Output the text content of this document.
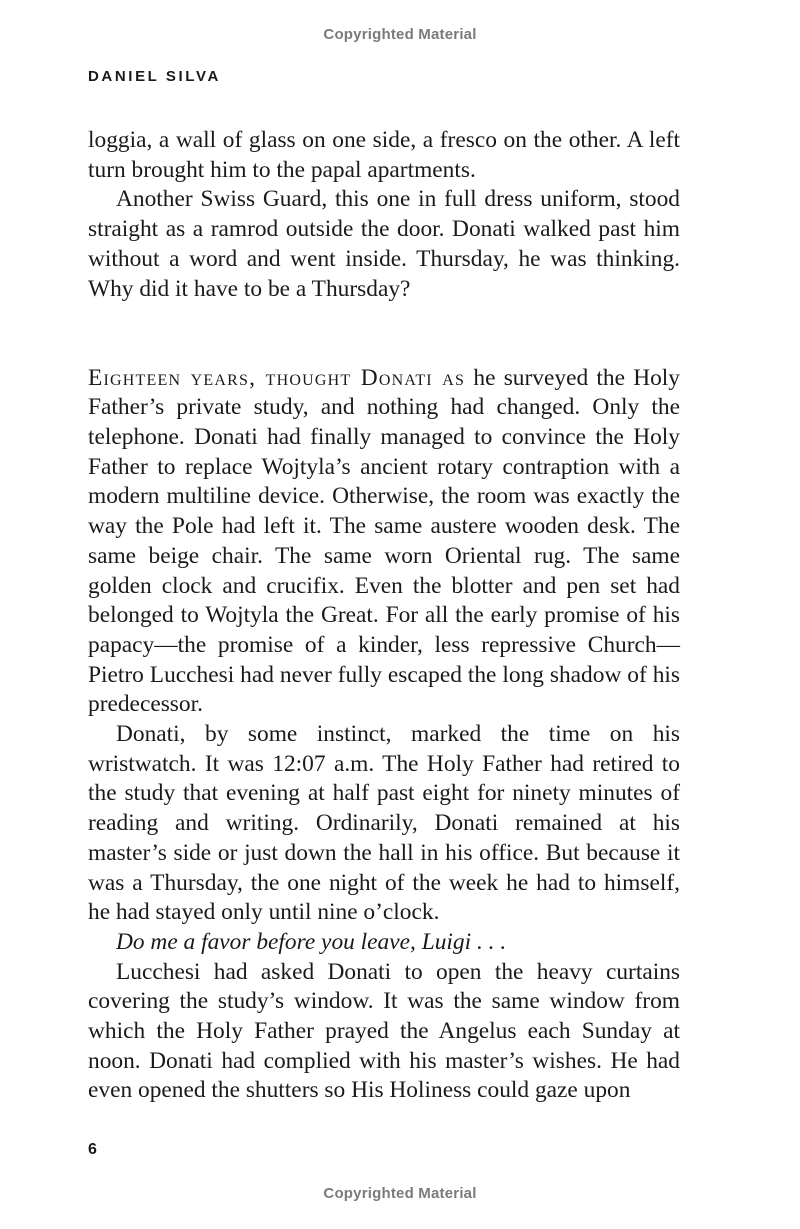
Copyrighted Material
DANIEL SILVA

loggia, a wall of glass on one side, a fresco on the other. A left turn brought him to the papal apartments.

Another Swiss Guard, this one in full dress uniform, stood straight as a ramrod outside the door. Donati walked past him without a word and went inside. Thursday, he was thinking. Why did it have to be a Thursday?

Eighteen years, thought Donati as he surveyed the Holy Father’s private study, and nothing had changed. Only the telephone. Donati had finally managed to convince the Holy Father to replace Wojtyla’s ancient rotary contraption with a modern multiline device. Otherwise, the room was exactly the way the Pole had left it. The same austere wooden desk. The same beige chair. The same worn Oriental rug. The same golden clock and crucifix. Even the blotter and pen set had belonged to Wojtyla the Great. For all the early promise of his papacy—the promise of a kinder, less repressive Church—Pietro Lucchesi had never fully escaped the long shadow of his predecessor.

Donati, by some instinct, marked the time on his wristwatch. It was 12:07 a.m. The Holy Father had retired to the study that evening at half past eight for ninety minutes of reading and writing. Ordinarily, Donati remained at his master’s side or just down the hall in his office. But because it was a Thursday, the one night of the week he had to himself, he had stayed only until nine o’clock.

Do me a favor before you leave, Luigi . . .

Lucchesi had asked Donati to open the heavy curtains covering the study’s window. It was the same window from which the Holy Father prayed the Angelus each Sunday at noon. Donati had complied with his master’s wishes. He had even opened the shutters so His Holiness could gaze upon

6
Copyrighted Material
